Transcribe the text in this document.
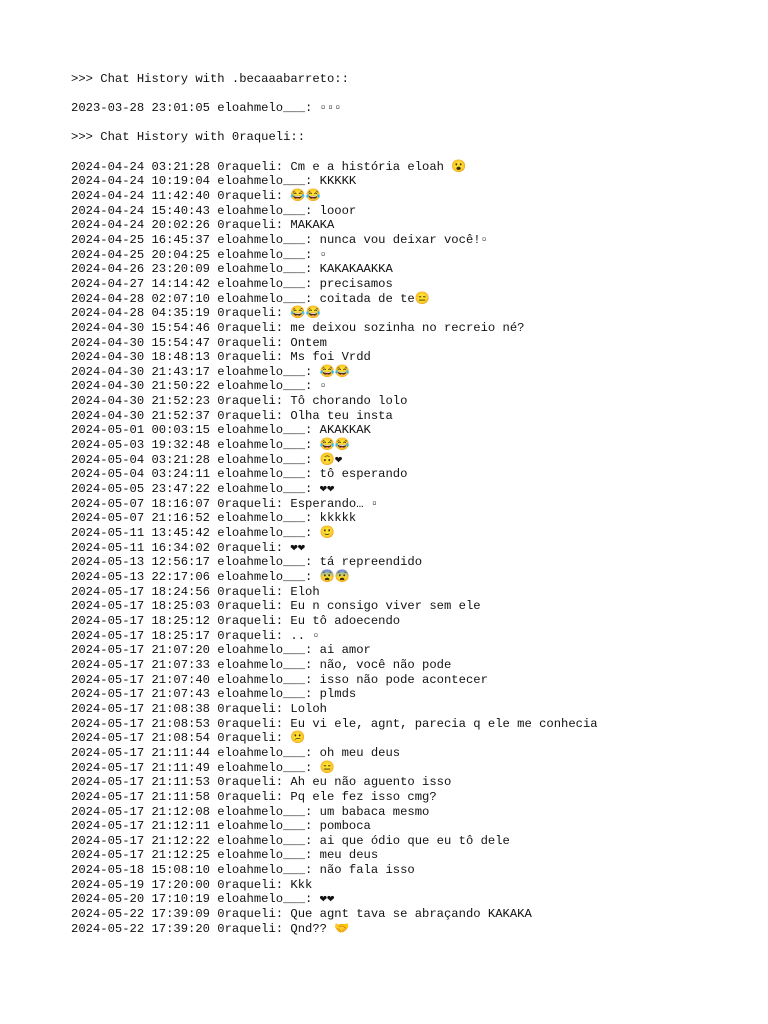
>>> Chat History with .becaaabarreto::
2023-03-28 23:01:05 eloahmelo___: ▫▫▫
>>> Chat History with 0raqueli::
2024-04-24 03:21:28 0raqueli: Cm e a história eloah 😮
2024-04-24 10:19:04 eloahmelo___: KKKKK
2024-04-24 11:42:40 0raqueli: 😂😂
2024-04-24 15:40:43 eloahmelo___: looor
2024-04-24 20:02:26 0raqueli: MAKAKA
2024-04-25 16:45:37 eloahmelo___: nunca vou deixar você!▫
2024-04-25 20:04:25 eloahmelo___: ▫
2024-04-26 23:20:09 eloahmelo___: KAKAKAAKKA
2024-04-27 14:14:42 eloahmelo___: precisamos
2024-04-28 02:07:10 eloahmelo___: coitada de te😑
2024-04-28 04:35:19 0raqueli: 😂😂
2024-04-30 15:54:46 0raqueli: me deixou sozinha no recreio né?
2024-04-30 15:54:47 0raqueli: Ontem
2024-04-30 18:48:13 0raqueli: Ms foi Vrdd
2024-04-30 21:43:17 eloahmelo___: 😂😂
2024-04-30 21:50:22 eloahmelo___: ▫
2024-04-30 21:52:23 0raqueli: Tô chorando lolo
2024-04-30 21:52:37 0raqueli: Olha teu insta
2024-05-01 00:03:15 eloahmelo___: AKAKKAK
2024-05-03 19:32:48 eloahmelo___: 😂😂
2024-05-04 03:21:28 eloahmelo___: 🙃❤
2024-05-04 03:24:11 eloahmelo___: tô esperando
2024-05-05 23:47:22 eloahmelo___: ❤❤
2024-05-07 18:16:07 0raqueli: Esperando… ▫
2024-05-07 21:16:52 eloahmelo___: kkkkk
2024-05-11 13:45:42 eloahmelo___: 🙂
2024-05-11 16:34:02 0raqueli: ❤❤
2024-05-13 12:56:17 eloahmelo___: tá repreendido
2024-05-13 22:17:06 eloahmelo___: 😨😨
2024-05-17 18:24:56 0raqueli: Eloh
2024-05-17 18:25:03 0raqueli: Eu n consigo viver sem ele
2024-05-17 18:25:12 0raqueli: Eu tô adoecendo
2024-05-17 18:25:17 0raqueli: .. ▫
2024-05-17 21:07:20 eloahmelo___: ai amor
2024-05-17 21:07:33 eloahmelo___: não, você não pode
2024-05-17 21:07:40 eloahmelo___: isso não pode acontecer
2024-05-17 21:07:43 eloahmelo___: plmds
2024-05-17 21:08:38 0raqueli: Loloh
2024-05-17 21:08:53 0raqueli: Eu vi ele, agnt, parecia q ele me conhecia
2024-05-17 21:08:54 0raqueli: 😕
2024-05-17 21:11:44 eloahmelo___: oh meu deus
2024-05-17 21:11:49 eloahmelo___: 😑
2024-05-17 21:11:53 0raqueli: Ah eu não aguento isso
2024-05-17 21:11:58 0raqueli: Pq ele fez isso cmg?
2024-05-17 21:12:08 eloahmelo___: um babaca mesmo
2024-05-17 21:12:11 eloahmelo___: pomboca
2024-05-17 21:12:22 eloahmelo___: ai que ódio que eu tô dele
2024-05-17 21:12:25 eloahmelo___: meu deus
2024-05-18 15:08:10 eloahmelo___: não fala isso
2024-05-19 17:20:00 0raqueli: Kkk
2024-05-20 17:10:19 eloahmelo___: ❤❤
2024-05-22 17:39:09 0raqueli: Que agnt tava se abraçando KAKAKA
2024-05-22 17:39:20 0raqueli: Qnd?? 🤝
